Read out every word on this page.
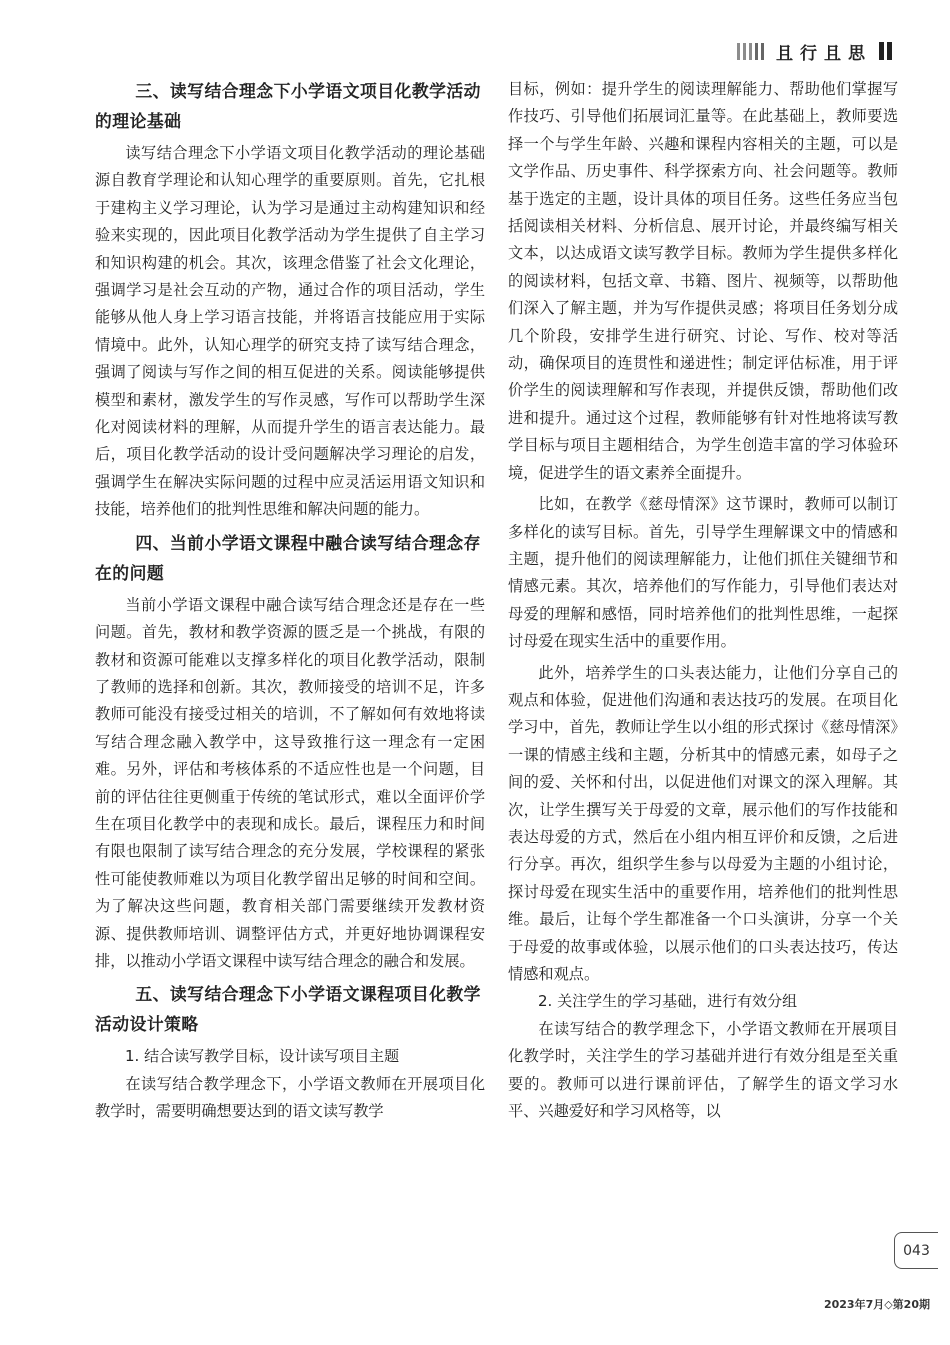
且行且思
三、读写结合理念下小学语文项目化教学活动的理论基础

读写结合理念下小学语文项目化教学活动的理论基础源自教育学理论和认知心理学的重要原则。首先，它扎根于建构主义学习理论，认为学习是通过主动构建知识和经验来实现的，因此项目化教学活动为学生提供了自主学习和知识构建的机会。其次，该理念借鉴了社会文化理论，强调学习是社会互动的产物，通过合作的项目活动，学生能够从他人身上学习语言技能，并将语言技能应用于实际情境中。此外，认知心理学的研究支持了读写结合理念，强调了阅读与写作之间的相互促进的关系。阅读能够提供模型和素材，激发学生的写作灵感，写作可以帮助学生深化对阅读材料的理解，从而提升学生的语言表达能力。最后，项目化教学活动的设计受问题解决学习理论的启发，强调学生在解决实际问题的过程中应灵活运用语文知识和技能，培养他们的批判性思维和解决问题的能力。

四、当前小学语文课程中融合读写结合理念存在的问题

当前小学语文课程中融合读写结合理念还是存在一些问题。首先，教材和教学资源的匮乏是一个挑战，有限的教材和资源可能难以支撑多样化的项目化教学活动，限制了教师的选择和创新。其次，教师接受的培训不足，许多教师可能没有接受过相关的培训，不了解如何有效地将读写结合理念融入教学中，这导致推行这一理念有一定困难。另外，评估和考核体系的不适应性也是一个问题，目前的评估往往更侧重于传统的笔试形式，难以全面评价学生在项目化教学中的表现和成长。最后，课程压力和时间有限也限制了读写结合理念的充分发展，学校课程的紧张性可能使教师难以为项目化教学留出足够的时间和空间。为了解决这些问题，教育相关部门需要继续开发教材资源、提供教师培训、调整评估方式，并更好地协调课程安排，以推动小学语文课程中读写结合理念的融合和发展。

五、读写结合理念下小学语文课程项目化教学活动设计策略
1. 结合读写教学目标，设计读写项目主题

在读写结合教学理念下，小学语文教师在开展项目化教学时，需要明确想要达到的语文读写教学

目标，例如：提升学生的阅读理解能力、帮助他们掌握写作技巧、引导他们拓展词汇量等。在此基础上，教师要选择一个与学生年龄、兴趣和课程内容相关的主题，可以是文学作品、历史事件、科学探索方向、社会问题等。教师基于选定的主题，设计具体的项目任务。这些任务应当包括阅读相关材料、分析信息、展开讨论，并最终编写相关文本，以达成语文读写教学目标。教师为学生提供多样化的阅读材料，包括文章、书籍、图片、视频等，以帮助他们深入了解主题，并为写作提供灵感；将项目任务划分成几个阶段，安排学生进行研究、讨论、写作、校对等活动，确保项目的连贯性和递进性；制定评估标准，用于评价学生的阅读理解和写作表现，并提供反馈，帮助他们改进和提升。通过这个过程，教师能够有针对性地将读写教学目标与项目主题相结合，为学生创造丰富的学习体验环境，促进学生的语文素养全面提升。

比如，在教学《慈母情深》这节课时，教师可以制订多样化的读写目标。首先，引导学生理解课文中的情感和主题，提升他们的阅读理解能力，让他们抓住关键细节和情感元素。其次，培养他们的写作能力，引导他们表达对母爱的理解和感悟，同时培养他们的批判性思维，一起探讨母爱在现实生活中的重要作用。

此外，培养学生的口头表达能力，让他们分享自己的观点和体验，促进他们沟通和表达技巧的发展。在项目化学习中，首先，教师让学生以小组的形式探讨《慈母情深》一课的情感主线和主题，分析其中的情感元素，如母子之间的爱、关怀和付出，以促进他们对课文的深入理解。其次，让学生撰写关于母爱的文章，展示他们的写作技能和表达母爱的方式，然后在小组内相互评价和反馈，之后进行分享。再次，组织学生参与以母爱为主题的小组讨论，探讨母爱在现实生活中的重要作用，培养他们的批判性思维。最后，让每个学生都准备一个口头演讲，分享一个关于母爱的故事或体验，以展示他们的口头表达技巧，传达情感和观点。

2. 关注学生的学习基础，进行有效分组

在读写结合的教学理念下，小学语文教师在开展项目化教学时，关注学生的学习基础并进行有效分组是至关重要的。教师可以进行课前评估，了解学生的语文学习水平、兴趣爱好和学习风格等，以

043
2023年7月◇第20期
